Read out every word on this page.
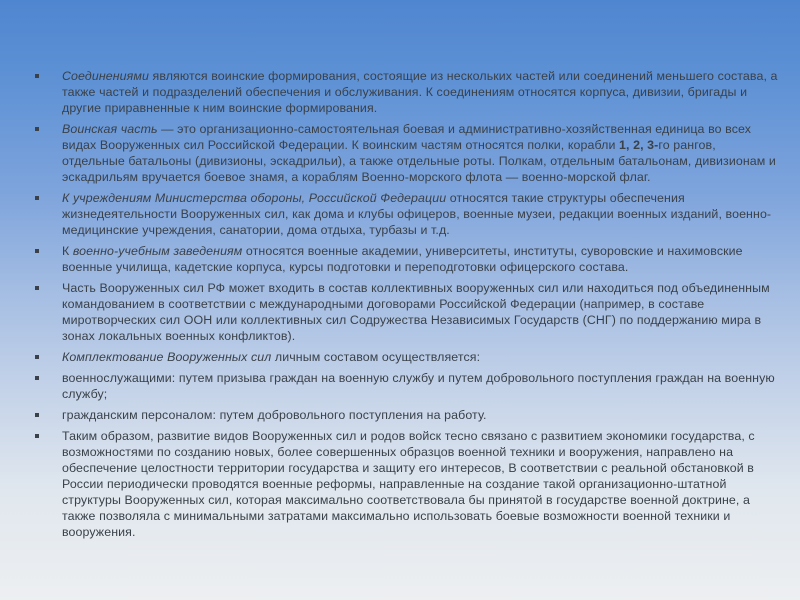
Соединениями являются воинские формирования, состоящие из нескольких частей или соединений меньшего состава, а также частей и подразделений обеспечения и обслуживания. К соединениям относятся корпуса, дивизии, бригады и другие приравненные к ним воинские формирования.
Воинская часть — это организационно-самостоятельная боевая и административно-хозяйственная единица во всех видах Вооруженных сил Российской Федерации. К воинским частям относятся полки, корабли 1, 2, 3-го рангов, отдельные батальоны (дивизионы, эскадрильи), а также отдельные роты. Полкам, отдельным батальонам, дивизионам и эскадрильям вручается боевое знамя, а кораблям Военно-морского флота — военно-морской флаг.
К учреждениям Министерства обороны, Российской Федерации относятся такие структуры обеспечения жизнедеятельности Вооруженных сил, как дома и клубы офицеров, военные музеи, редакции военных изданий, военно-медицинские учреждения, санатории, дома отдыха, турбазы и т.д.
К военно-учебным заведениям относятся военные академии, университеты, институты, суворовские и нахимовские военные училища, кадетские корпуса, курсы подготовки и переподготовки офицерского состава.
Часть Вооруженных сил РФ может входить в состав коллективных вооруженных сил или находиться под объединенным командованием в соответствии с международными договорами Российской Федерации (например, в составе миротворческих сил ООН или коллективных сил Содружества Независимых Государств (СНГ) по поддержанию мира в зонах локальных военных конфликтов).
Комплектование Вооруженных сил личным составом осуществляется:
военнослужащими: путем призыва граждан на военную службу и путем добровольного поступления граждан на военную службу;
гражданским персоналом: путем добровольного поступления на работу.
Таким образом, развитие видов Вооруженных сил и родов войск тесно связано с развитием экономики государства, с возможностями по созданию новых, более совершенных образцов военной техники и вооружения, направлено на обеспечение целостности территории государства и защиту его интересов, В соответствии с реальной обстановкой в России периодически проводятся военные реформы, направленные на создание такой организационно-штатной структуры Вооруженных сил, которая максимально соответствовала бы принятой в государстве военной доктрине, а также позволяла с минимальными затратами максимально использовать боевые возможности военной техники и вооружения.
